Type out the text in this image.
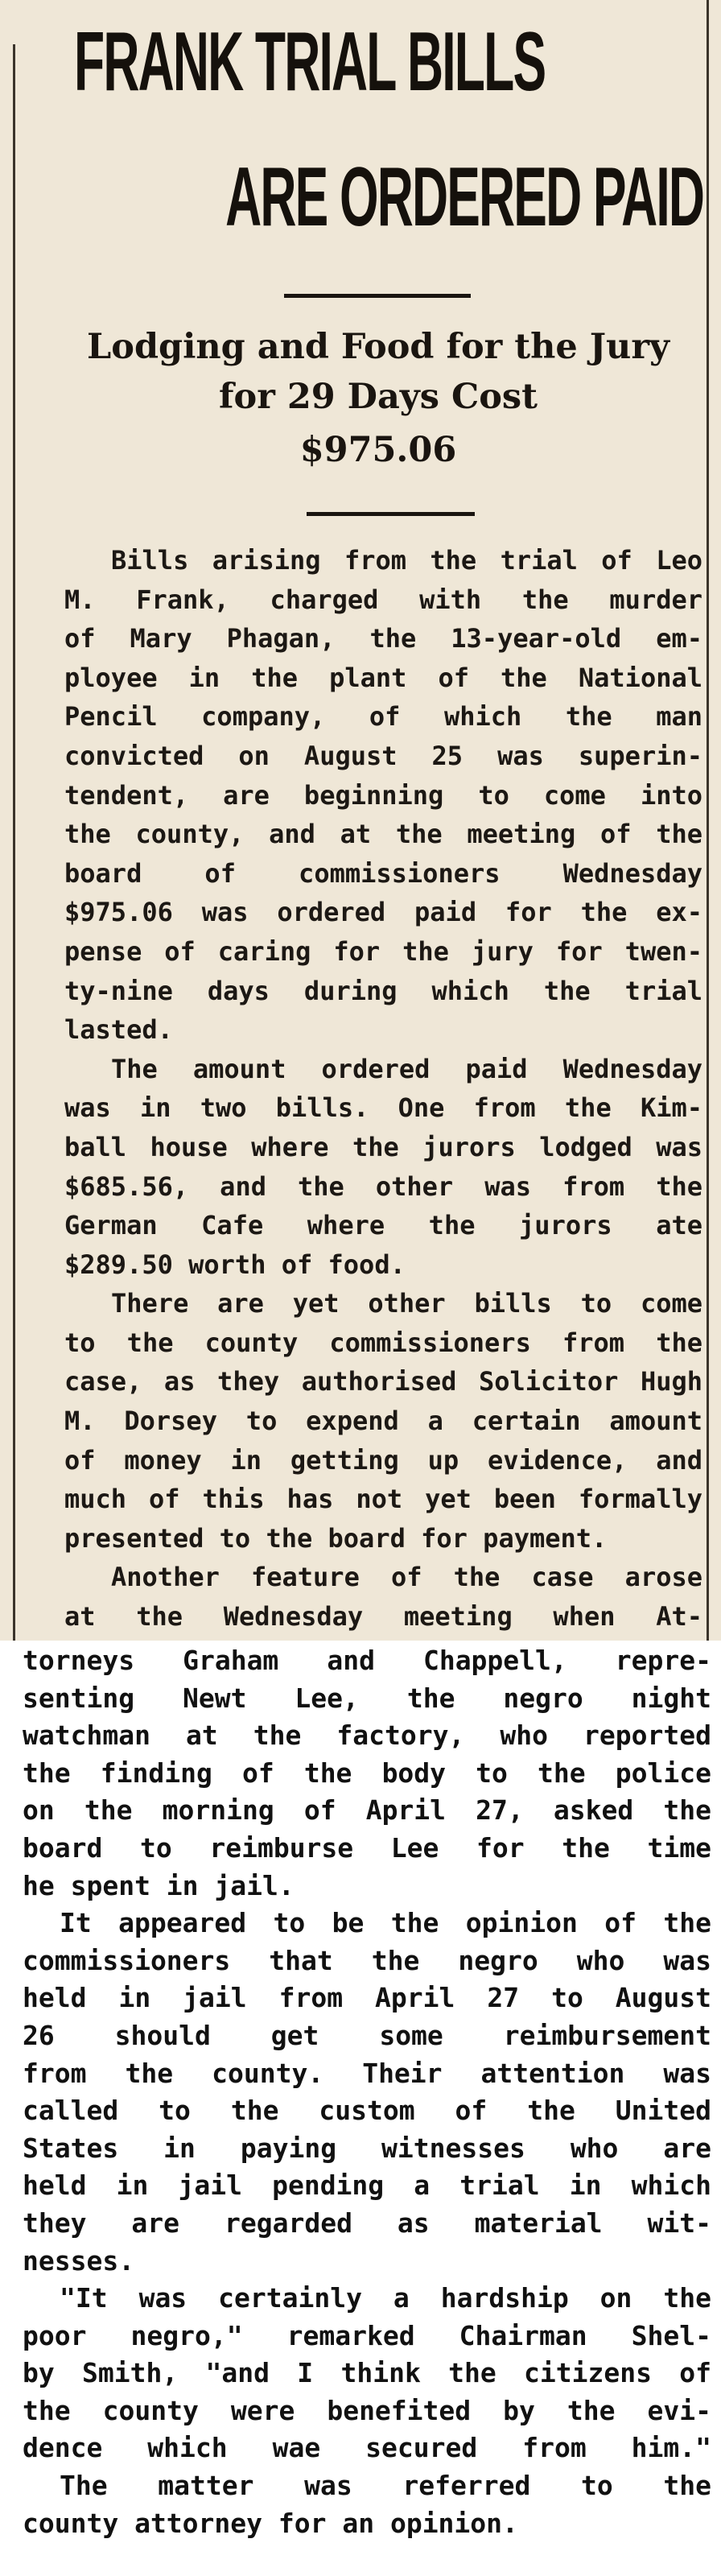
FRANK TRIAL BILLS
ARE ORDERED PAID
Lodging and Food for the Jury
for 29 Days Cost
$975.06
Bills arising from the trial of Leo
M. Frank, charged with the murder
of Mary Phagan, the 13-year-old em-
ployee in the plant of the National
Pencil company, of which the man
convicted on August 25 was superin-
tendent, are beginning to come into
the county, and at the meeting of the
board of commissioners Wednesday
$975.06 was ordered paid for the ex-
pense of caring for the jury for twen-
ty-nine days during which the trial
lasted.
The amount ordered paid Wednesday
was in two bills. One from the Kim-
ball house where the jurors lodged was
$685.56, and the other was from the
German Cafe where the jurors ate
$289.50 worth of food.
There are yet other bills to come
to the county commissioners from the
case, as they authorised Solicitor Hugh
M. Dorsey to expend a certain amount
of money in getting up evidence, and
much of this has not yet been formally
presented to the board for payment.
Another feature of the case arose
at the Wednesday meeting when At-
torneys Graham and Chappell, repre-
senting Newt Lee, the negro night
watchman at the factory, who reported
the finding of the body to the police
on the morning of April 27, asked the
board to reimburse Lee for the time
he spent in jail.
It appeared to be the opinion of the
commissioners that the negro who was
held in jail from April 27 to August
26 should get some reimbursement
from the county. Their attention was
called to the custom of the United
States in paying witnesses who are
held in jail pending a trial in which
they are regarded as material wit-
nesses.
"It was certainly a hardship on the
poor negro," remarked Chairman Shel-
by Smith, "and I think the citizens of
the county were benefited by the evi-
dence which wae secured from him."
The matter was referred to the
county attorney for an opinion.
